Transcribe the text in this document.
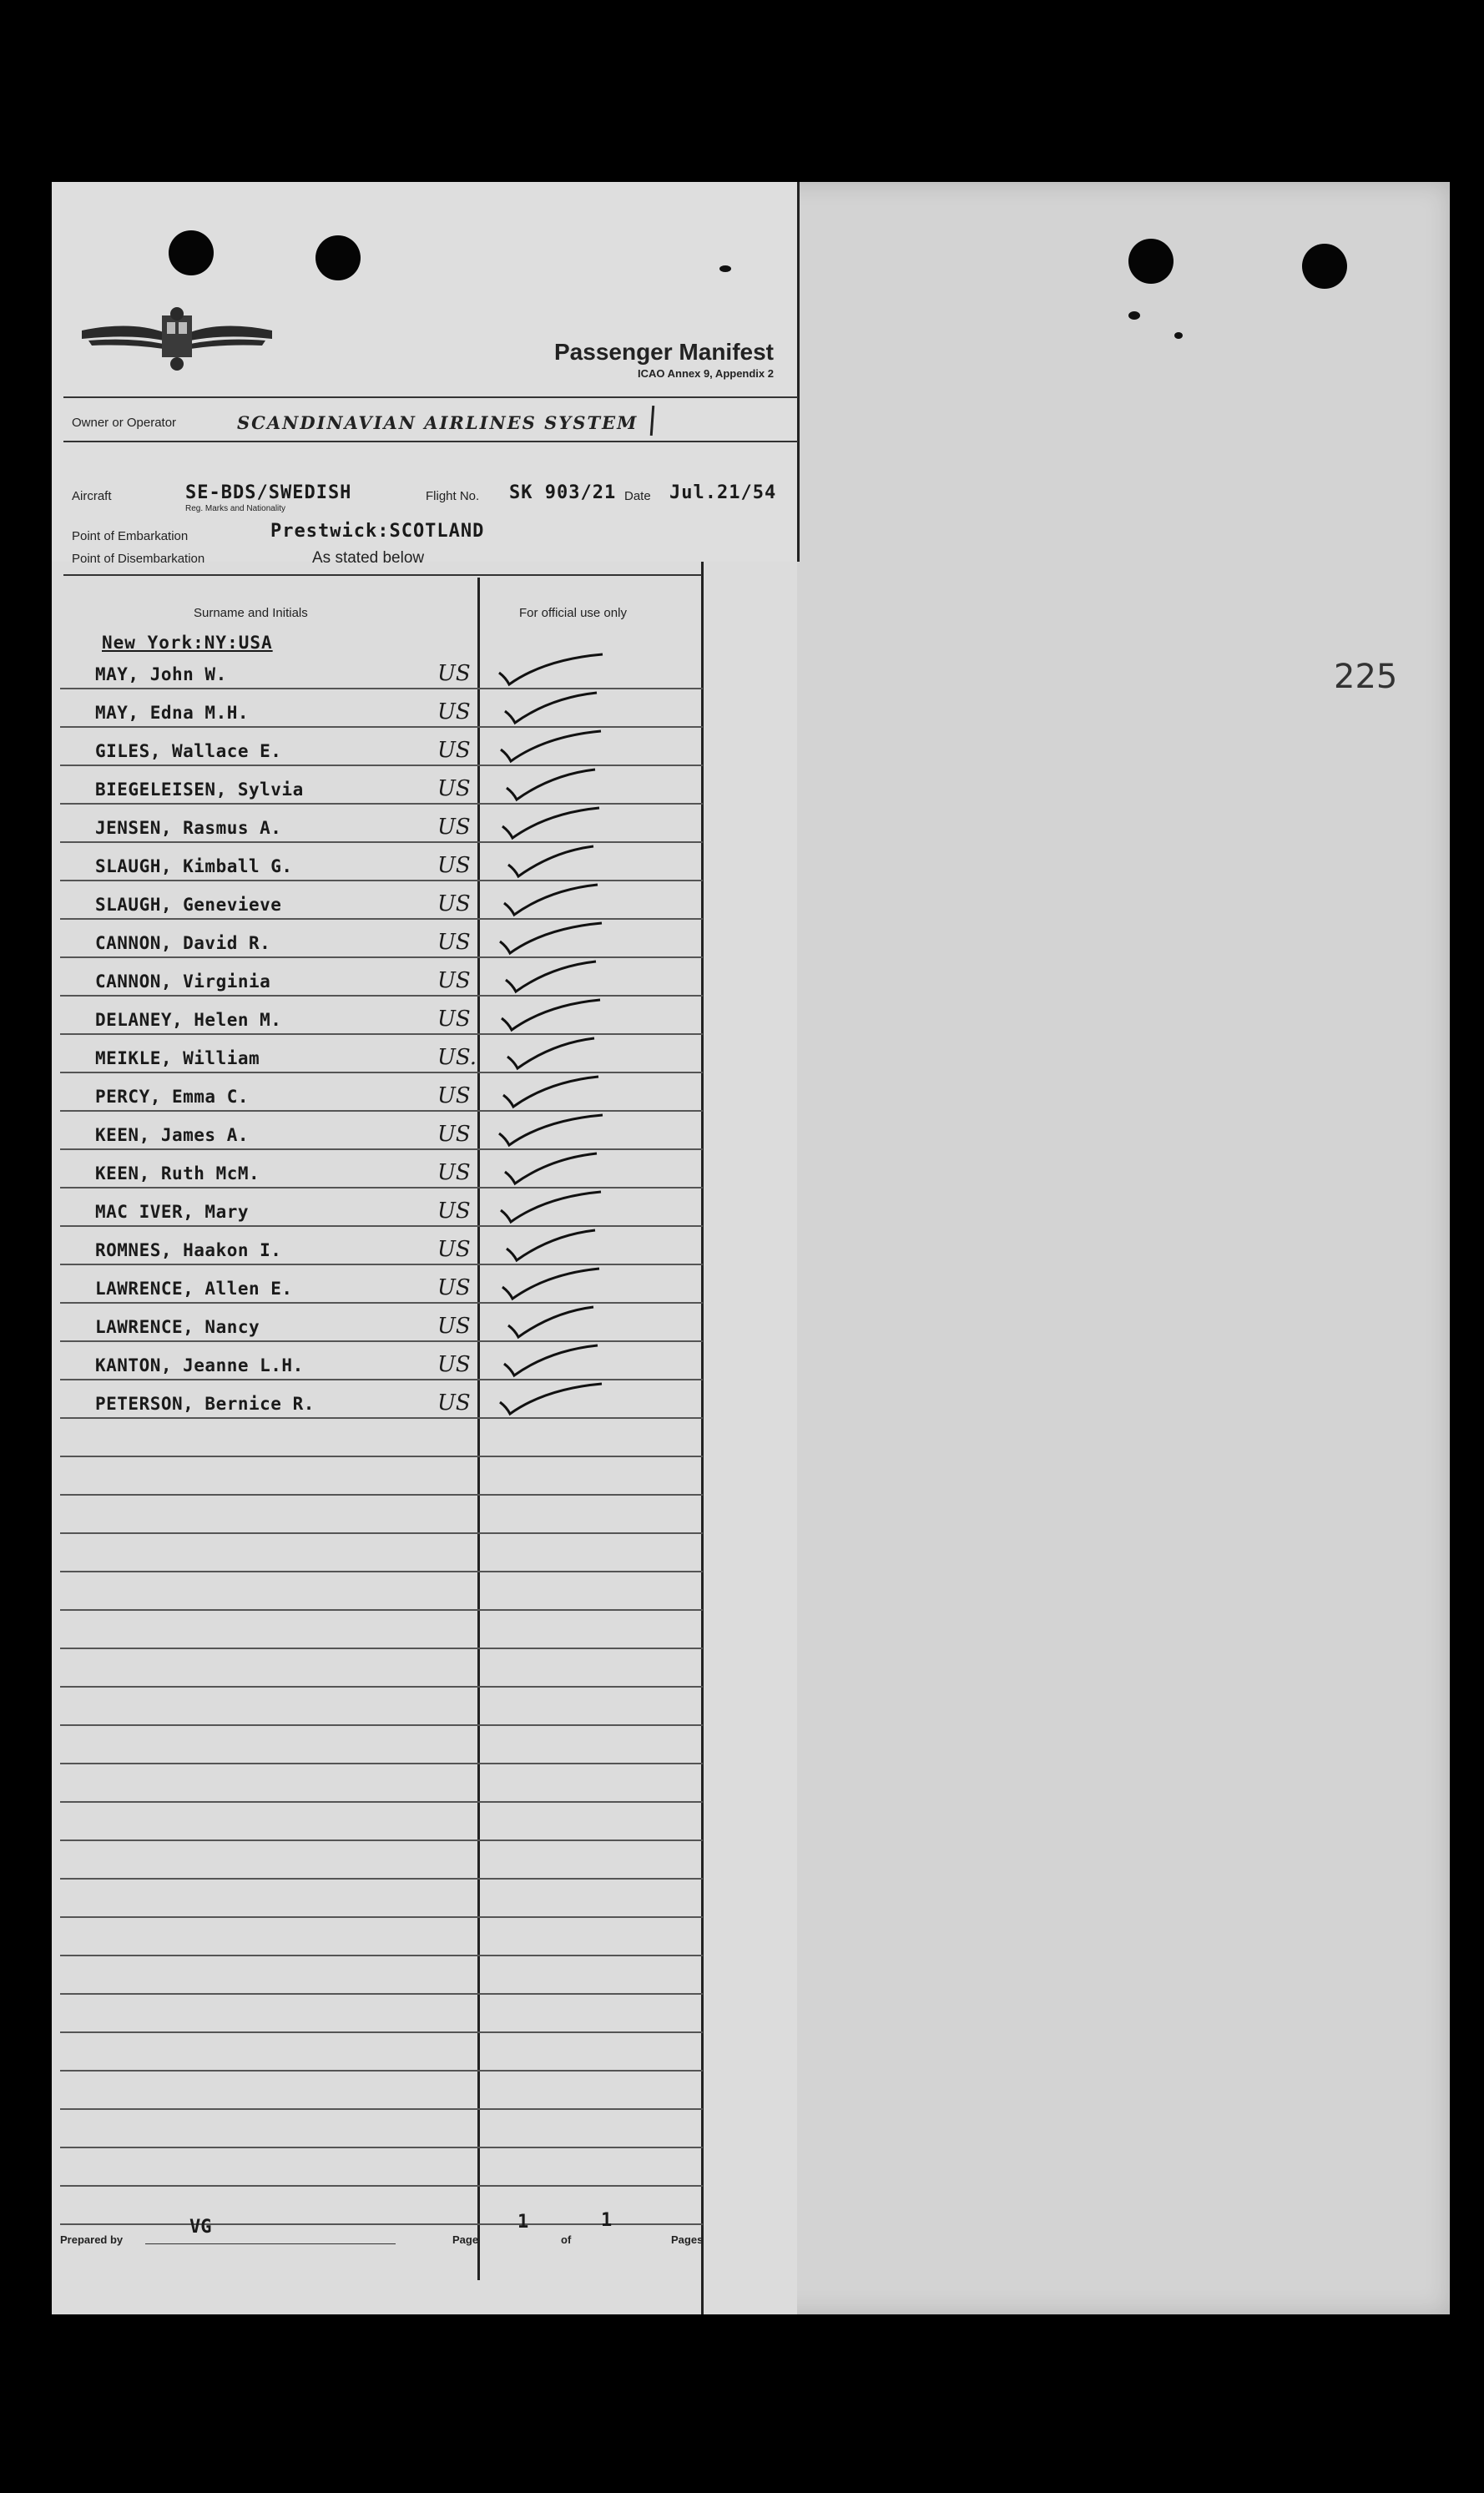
Passenger Manifest
ICAO Annex 9, Appendix 2
Owner or Operator	SCANDINAVIAN AIRLINES SYSTEM
Aircraft	SE-BDS/SWEDISH
Reg. Marks and Nationality
Flight No. SK 903/21 Date Jul.21/54
Point of Embarkation	Prestwick:SCOTLAND
Point of Disembarkation	As stated below
Surname and Initials	For official use only
New York:NY:USA
MAY, John W.	US
MAY, Edna M.H.	US
GILES, Wallace E.	US
BIEGELEISEN, Sylvia	US
JENSEN, Rasmus A.	US
SLAUGH, Kimball G.	US
SLAUGH, Genevieve	US
CANNON, David R.	US
CANNON, Virginia	US
DELANEY, Helen M.	US
MEIKLE, William	US.
PERCY, Emma C.	US
KEEN, James A.	US
KEEN, Ruth McM.	US
MAC IVER, Mary	US
ROMNES, Haakon I.	US
LAWRENCE, Allen E.	US
LAWRENCE, Nancy	US
KANTON, Jeanne L.H.	US
PETERSON, Bernice R.	US
Prepared by
VG
Page
1
of
1
Pages
225
